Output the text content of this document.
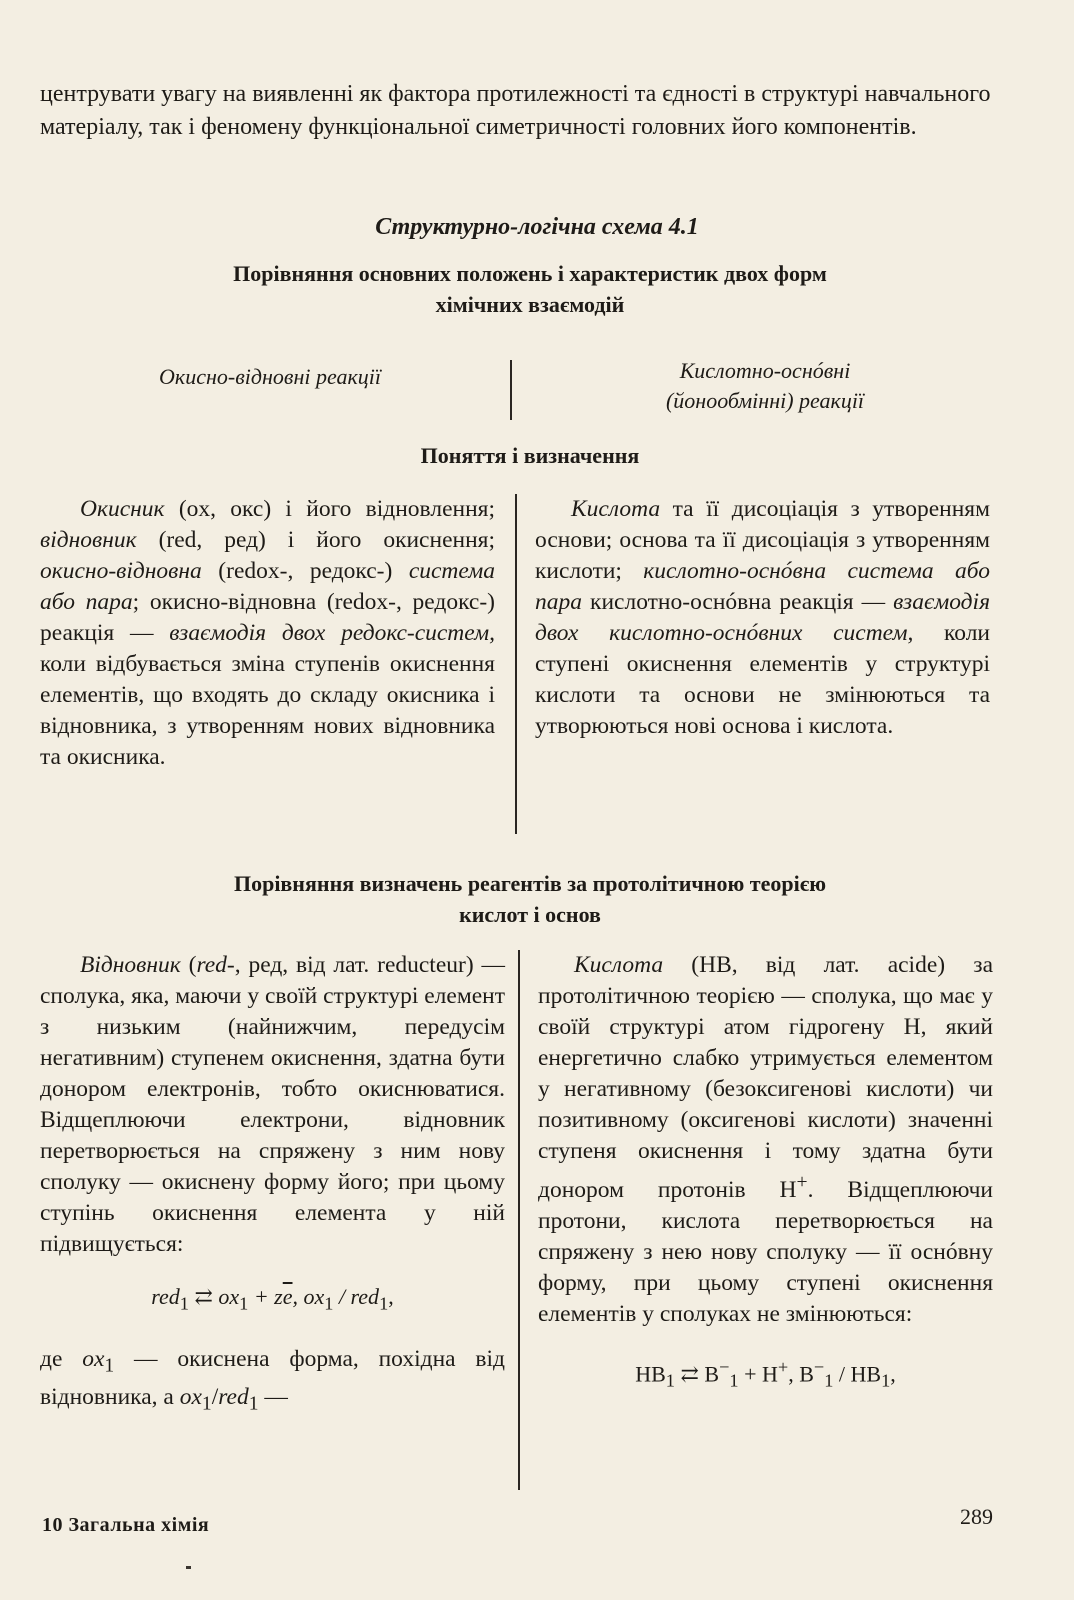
центрувати увагу на виявленні як фактора протилежності та єдності в структурі навчального матеріалу, так і феномену функціональної симетричності головних його компонентів.

Структурно-логічна схема 4.1
Порівняння основних положень і характеристик двох форм
хімічних взаємодій
Окисно-відновні реакції	Кислотно-оснóвні
(йонообмінні) реакції
Поняття і визначення

Окисник (ox, окс) і його відновлення; відновник (red, ред) і його окиснення; окисно-відновна (redox-, редокс-) система або пара; окисно-відновна (redox-, редокс-) реакція — взаємодія двох редокс-систем, коли відбувається зміна ступенів окиснення елементів, що входять до складу окисника і відновника, з утворенням нових відновника та окисника.

Кислота та її дисоціація з утворенням основи; основа та її дисоціація з утворенням кислоти; кислотно-оснóвна система або пара кислотно-оснóвна реакція — взаємодія двох кислотно-оснóвних систем, коли ступені окиснення елементів у структурі кислоти та основи не змінюються та утворюються нові основа і кислота.

Порівняння визначень реагентів за протолітичною теорією
кислот і основ

Відновник (red-, ред, від лат. reducteur) — сполука, яка, маючи у своїй структурі елемент з низьким (найнижчим, передусім негативним) ступенем окиснення, здатна бути донором електронів, тобто окиснюватися. Відщеплюючи електрони, відновник перетворюється на спряжену з ним нову сполуку — окиснену форму його; при цьому ступінь окиснення елемента у ній підвищується:

red$_1$ ⇄ $ox_1 + z\overline{e}$, $ox_1 / red_1$,

де $ox_1$ — окиснена форма, похідна від відновника, а $ox_1/red_1$ —

Кислота (HB, від лат. acide) за протолітичною теорією — сполука, що має у своїй структурі атом гідрогену H, який енергетично слабко утримується елементом у негативному (безоксигенові кислоти) чи позитивному (оксигенові кислоти) значенні ступеня окиснення і тому здатна бути донором протонів H+. Відщеплюючи протони, кислота перетворюється на спряжену з нею нову сполуку — її оснóвну форму, при цьому ступені окиснення елементів у сполуках не змінюються:

$HB_1$ ⇄ $B^-_1 + H^+$, $B^-_1 / HB_1$,
10 Загальна хімія	289
